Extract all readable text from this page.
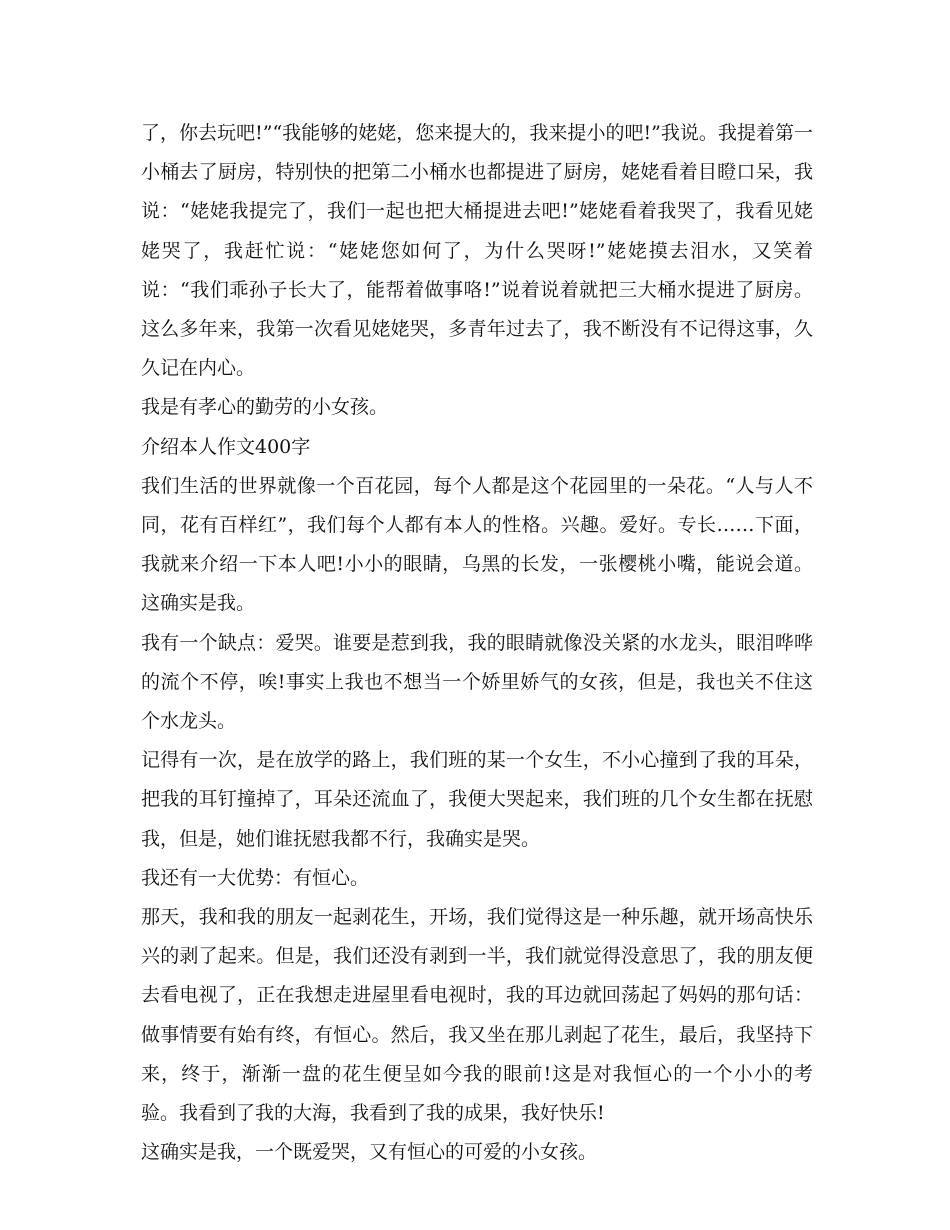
了，你去玩吧!”“我能够的姥姥，您来提大的，我来提小的吧!”我说。我提着第一小桶去了厨房，特别快的把第二小桶水也都提进了厨房，姥姥看着目瞪口呆，我说：“姥姥我提完了，我们一起也把大桶提进去吧!”姥姥看着我哭了，我看见姥姥哭了，我赶忙说：“姥姥您如何了，为什么哭呀!”姥姥摸去泪水，又笑着说：“我们乖孙子长大了，能帮着做事咯!”说着说着就把三大桶水提进了厨房。这么多年来，我第一次看见姥姥哭，多青年过去了，我不断没有不记得这事，久久记在内心。

我是有孝心的勤劳的小女孩。

介绍本人作文400字

我们生活的世界就像一个百花园，每个人都是这个花园里的一朵花。“人与人不同，花有百样红”，我们每个人都有本人的性格。兴趣。爱好。专长……下面，我就来介绍一下本人吧!小小的眼睛，乌黑的长发，一张樱桃小嘴，能说会道。这确实是我。

我有一个缺点：爱哭。谁要是惹到我，我的眼睛就像没关紧的水龙头，眼泪哗哗的流个不停，唉!事实上我也不想当一个娇里娇气的女孩，但是，我也关不住这个水龙头。

记得有一次，是在放学的路上，我们班的某一个女生，不小心撞到了我的耳朵，把我的耳钉撞掉了，耳朵还流血了，我便大哭起来，我们班的几个女生都在抚慰我，但是，她们谁抚慰我都不行，我确实是哭。

我还有一大优势：有恒心。

那天，我和我的朋友一起剥花生，开场，我们觉得这是一种乐趣，就开场高快乐兴的剥了起来。但是，我们还没有剥到一半，我们就觉得没意思了，我的朋友便去看电视了，正在我想走进屋里看电视时，我的耳边就回荡起了妈妈的那句话：做事情要有始有终，有恒心。然后，我又坐在那儿剥起了花生，最后，我坚持下来，终于，渐渐一盘的花生便呈如今我的眼前!这是对我恒心的一个小小的考验。我看到了我的大海，我看到了我的成果，我好快乐!

这确实是我，一个既爱哭，又有恒心的可爱的小女孩。
